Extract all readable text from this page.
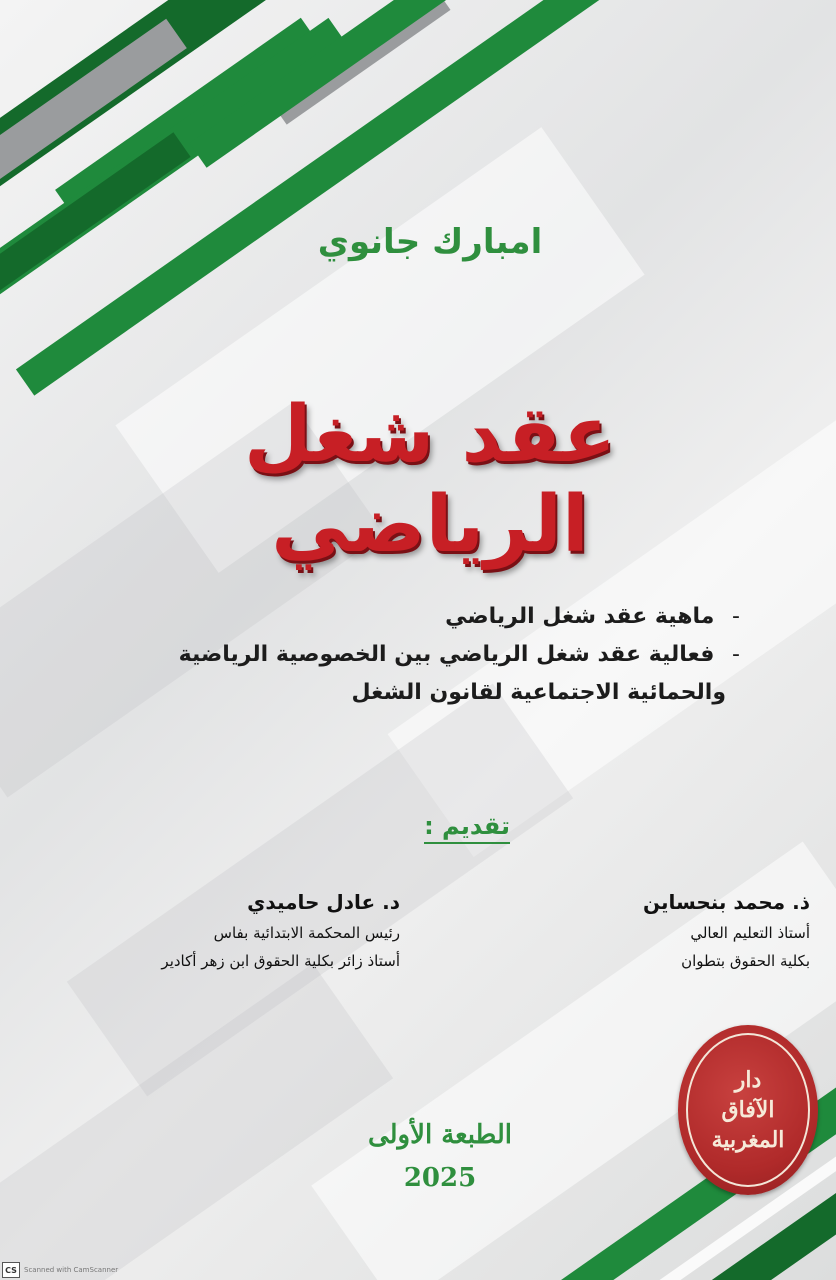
امبارك جانوي
عقد شغل الرياضي
- ماهية عقد شغل الرياضي
- فعالية عقد شغل الرياضي بين الخصوصية الرياضية
والحمائية الاجتماعية لقانون الشغل

تقديم :

ذ. محمد بنحساين

أستاذ التعليم العالي

بكلية الحقوق بتطوان

د. عادل حاميدي

رئيس المحكمة الابتدائية بفاس

أستاذ زائر بكلية الحقوق ابن زهر أكادير

الطبعة الأولى

2025

دار
الآفاق
المغربية
CS	Scanned with CamScanner
